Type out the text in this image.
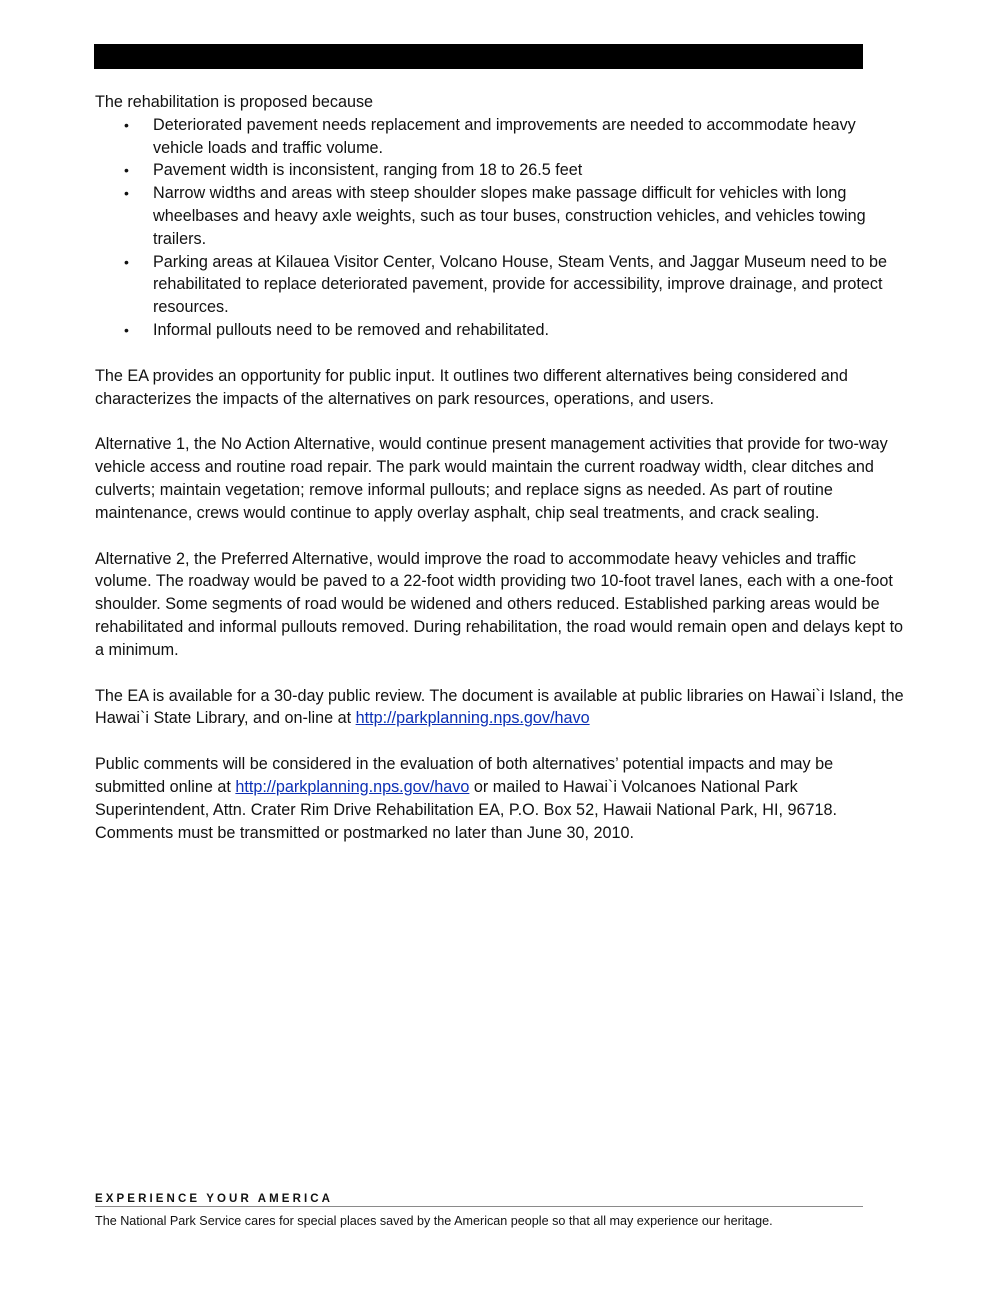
The rehabilitation is proposed because

• Deteriorated pavement needs replacement and improvements are needed to accommodate heavy vehicle loads and traffic volume.
• Pavement width is inconsistent, ranging from 18 to 26.5 feet
• Narrow widths and areas with steep shoulder slopes make passage difficult for vehicles with long wheelbases and heavy axle weights, such as tour buses, construction vehicles, and vehicles towing trailers.
• Parking areas at Kilauea Visitor Center, Volcano House, Steam Vents, and Jaggar Museum need to be rehabilitated to replace deteriorated pavement, provide for accessibility, improve drainage, and protect resources.
• Informal pullouts need to be removed and rehabilitated.

The EA provides an opportunity for public input. It outlines two different alternatives being considered and characterizes the impacts of the alternatives on park resources, operations, and users.

Alternative 1, the No Action Alternative, would continue present management activities that provide for two-way vehicle access and routine road repair. The park would maintain the current roadway width, clear ditches and culverts; maintain vegetation; remove informal pullouts; and replace signs as needed. As part of routine maintenance, crews would continue to apply overlay asphalt, chip seal treatments, and crack sealing.

Alternative 2, the Preferred Alternative, would improve the road to accommodate heavy vehicles and traffic volume. The roadway would be paved to a 22-foot width providing two 10-foot travel lanes, each with a one-foot shoulder. Some segments of road would be widened and others reduced. Established parking areas would be rehabilitated and informal pullouts removed. During rehabilitation, the road would remain open and delays kept to a minimum.

The EA is available for a 30-day public review. The document is available at public libraries on Hawai`i Island, the Hawai`i State Library, and on-line at http://parkplanning.nps.gov/havo

Public comments will be considered in the evaluation of both alternatives’ potential impacts and may be submitted online at http://parkplanning.nps.gov/havo or mailed to Hawai`i Volcanoes National Park Superintendent, Attn. Crater Rim Drive Rehabilitation EA, P.O. Box 52, Hawaii National Park, HI, 96718. Comments must be transmitted or postmarked no later than June 30, 2010.

EXPERIENCE YOUR AMERICA
The National Park Service cares for special places saved by the American people so that all may experience our heritage.
